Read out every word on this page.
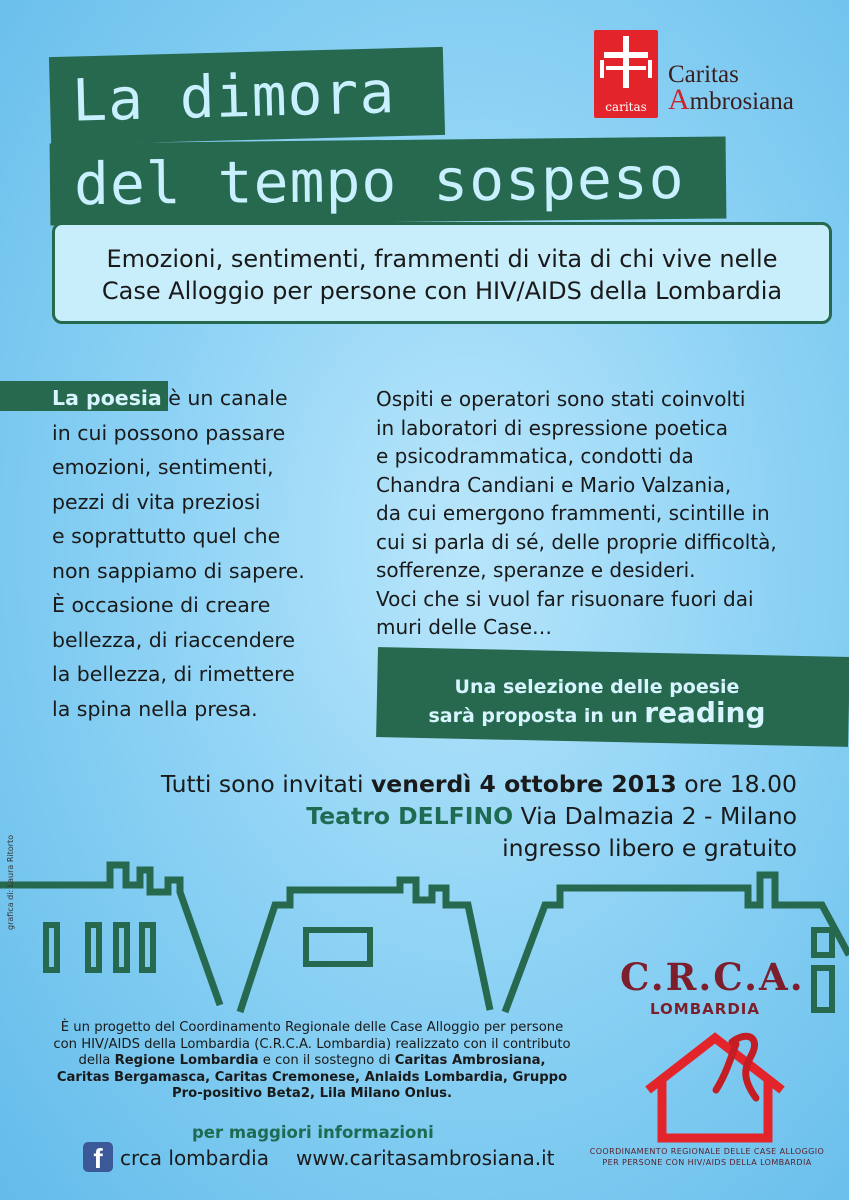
La dimora
del tempo sospeso
caritas
Caritas
Ambrosiana
Emozioni, sentimenti, frammenti di vita di chi vive nelle
Case Alloggio per persone con HIV/AIDS della Lombardia
La poesia è un canale
in cui possono passare
emozioni, sentimenti,
pezzi di vita preziosi
e soprattutto quel che
non sappiamo di sapere.
È occasione di creare
bellezza, di riaccendere
la bellezza, di rimettere
la spina nella presa.
Ospiti e operatori sono stati coinvolti
in laboratori di espressione poetica
e psicodrammatica, condotti da
Chandra Candiani e Mario Valzania,
da cui emergono frammenti, scintille in
cui si parla di sé, delle proprie difficoltà,
sofferenze, speranze e desideri.
Voci che si vuol far risuonare fuori dai
muri delle Case…
Una selezione delle poesie
sarà proposta in un reading
Tutti sono invitati venerdì 4 ottobre 2013 ore 18.00
Teatro DELFINO Via Dalmazia 2 - Milano
ingresso libero e gratuito
C.R.C.A.
LOMBARDIA
COORDINAMENTO REGIONALE DELLE CASE ALLOGGIO
PER PERSONE CON HIV/AIDS DELLA LOMBARDIA
È un progetto del Coordinamento Regionale delle Case Alloggio per persone con HIV/AIDS della Lombardia (C.R.C.A. Lombardia) realizzato con il contributo della Regione Lombardia e con il sostegno di Caritas Ambrosiana, Caritas Bergamasca, Caritas Cremonese, Anlaids Lombardia, Gruppo Pro-positivo Beta2, Lila Milano Onlus.
per maggiori informazioni
f crca lombardia www.caritasambrosiana.it
grafica di: Laura Ritorto
